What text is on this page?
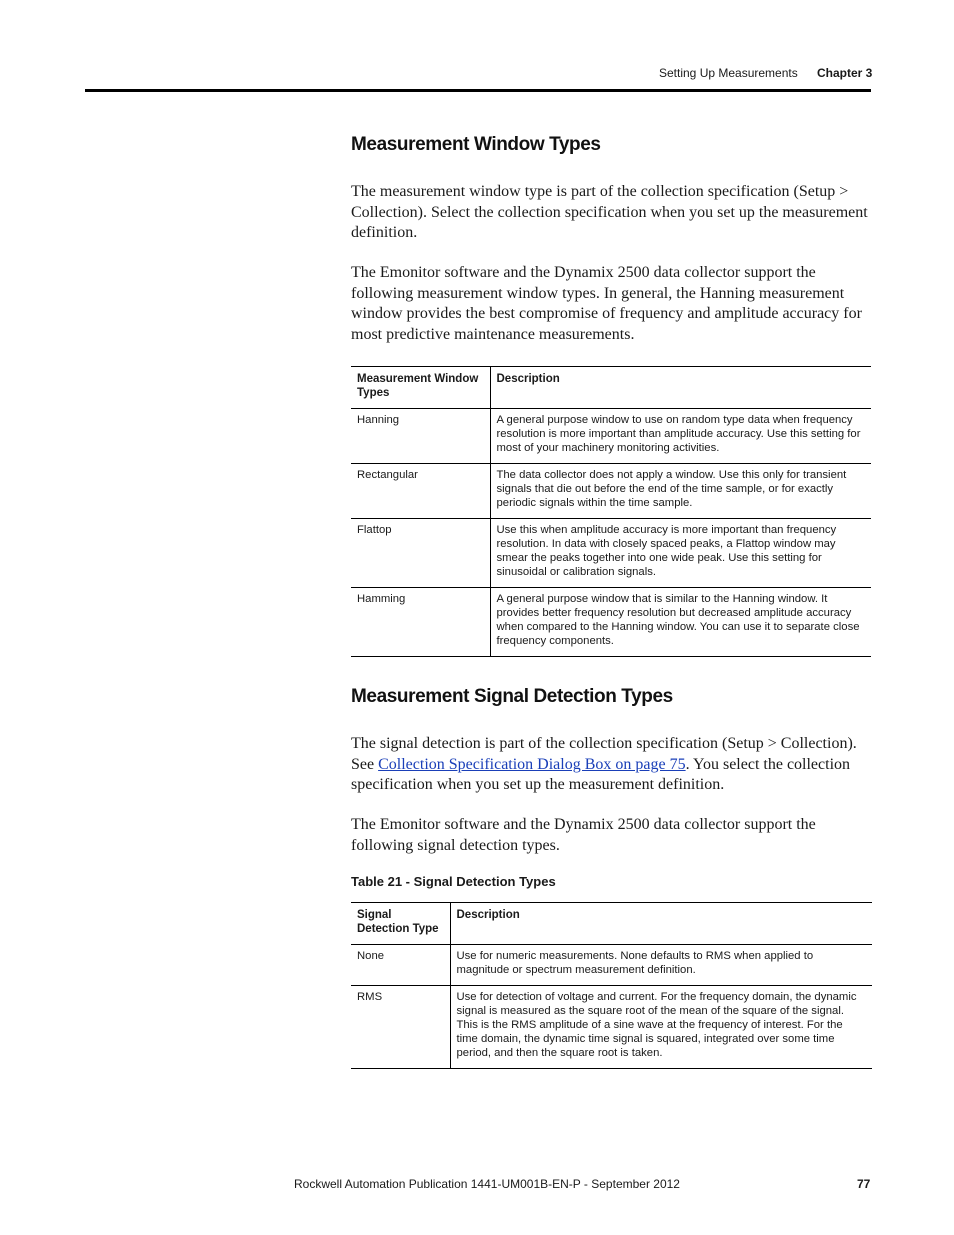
Setting Up Measurements Chapter 3
Measurement Window Types

The measurement window type is part of the collection specification (Setup > Collection). Select the collection specification when you set up the measurement definition.

The Emonitor software and the Dynamix 2500 data collector support the following measurement window types. In general, the Hanning measurement window provides the best compromise of frequency and amplitude accuracy for most predictive maintenance measurements.

Measurement Window Types	Description
Hanning	A general purpose window to use on random type data when frequency resolution is more important than amplitude accuracy. Use this setting for most of your machinery monitoring activities.
Rectangular	The data collector does not apply a window. Use this only for transient signals that die out before the end of the time sample, or for exactly periodic signals within the time sample.
Flattop	Use this when amplitude accuracy is more important than frequency resolution. In data with closely spaced peaks, a Flattop window may smear the peaks together into one wide peak. Use this setting for sinusoidal or calibration signals.
Hamming	A general purpose window that is similar to the Hanning window. It provides better frequency resolution but decreased amplitude accuracy when compared to the Hanning window. You can use it to separate close frequency components.
Measurement Signal Detection Types

The signal detection is part of the collection specification (Setup > Collection). See Collection Specification Dialog Box on page 75. You select the collection specification when you set up the measurement definition.

The Emonitor software and the Dynamix 2500 data collector support the following signal detection types.

Table 21 - Signal Detection Types

Signal Detection Type	Description
None	Use for numeric measurements. None defaults to RMS when applied to magnitude or spectrum measurement definition.
RMS	Use for detection of voltage and current. For the frequency domain, the dynamic signal is measured as the square root of the mean of the square of the signal. This is the RMS amplitude of a sine wave at the frequency of interest. For the time domain, the dynamic time signal is squared, integrated over some time period, and then the square root is taken.
Rockwell Automation Publication 1441-UM001B-EN-P - September 2012	77
